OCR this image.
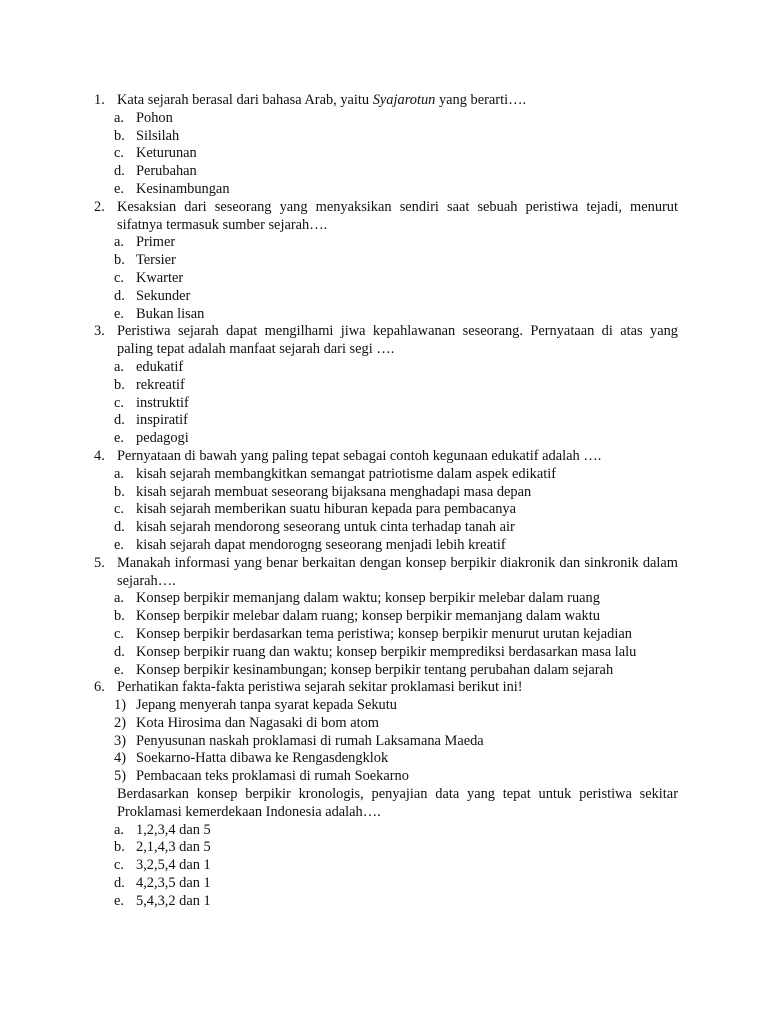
1. Kata sejarah berasal dari bahasa Arab, yaitu Syajarotun yang berarti….
a. Pohon
b. Silsilah
c. Keturunan
d. Perubahan
e. Kesinambungan
2. Kesaksian dari seseorang yang menyaksikan sendiri saat sebuah peristiwa tejadi, menurut sifatnya termasuk sumber sejarah….
a. Primer
b. Tersier
c. Kwarter
d. Sekunder
e. Bukan lisan
3. Peristiwa sejarah dapat mengilhami jiwa kepahlawanan seseorang. Pernyataan di atas yang paling tepat adalah manfaat sejarah dari segi ….
a. edukatif
b. rekreatif
c. instruktif
d. inspiratif
e. pedagogi
4. Pernyataan di bawah yang paling tepat sebagai contoh kegunaan edukatif adalah ….
a. kisah sejarah membangkitkan semangat patriotisme dalam aspek edikatif
b. kisah sejarah membuat seseorang bijaksana menghadapi masa depan
c. kisah sejarah memberikan suatu hiburan kepada para pembacanya
d. kisah sejarah mendorong seseorang untuk cinta terhadap tanah air
e. kisah sejarah dapat mendorogng seseorang menjadi lebih kreatif
5. Manakah informasi yang benar berkaitan dengan konsep berpikir diakronik dan sinkronik dalam sejarah….
a. Konsep berpikir memanjang dalam waktu; konsep berpikir melebar dalam ruang
b. Konsep berpikir melebar dalam ruang; konsep berpikir memanjang dalam waktu
c. Konsep berpikir berdasarkan tema peristiwa; konsep berpikir menurut urutan kejadian
d. Konsep berpikir ruang dan waktu; konsep berpikir memprediksi berdasarkan masa lalu
e. Konsep berpikir kesinambungan; konsep berpikir tentang perubahan dalam sejarah
6. Perhatikan fakta-fakta peristiwa sejarah sekitar proklamasi berikut ini!
1) Jepang menyerah tanpa syarat kepada Sekutu
2) Kota Hirosima dan Nagasaki di bom atom
3) Penyusunan naskah proklamasi di rumah Laksamana Maeda
4) Soekarno-Hatta dibawa ke Rengasdengklok
5) Pembacaan teks proklamasi di rumah Soekarno
Berdasarkan konsep berpikir kronologis, penyajian data yang tepat untuk peristiwa sekitar Proklamasi kemerdekaan Indonesia adalah….
a. 1,2,3,4 dan 5
b. 2,1,4,3 dan 5
c. 3,2,5,4 dan 1
d. 4,2,3,5 dan 1
e. 5,4,3,2 dan 1
